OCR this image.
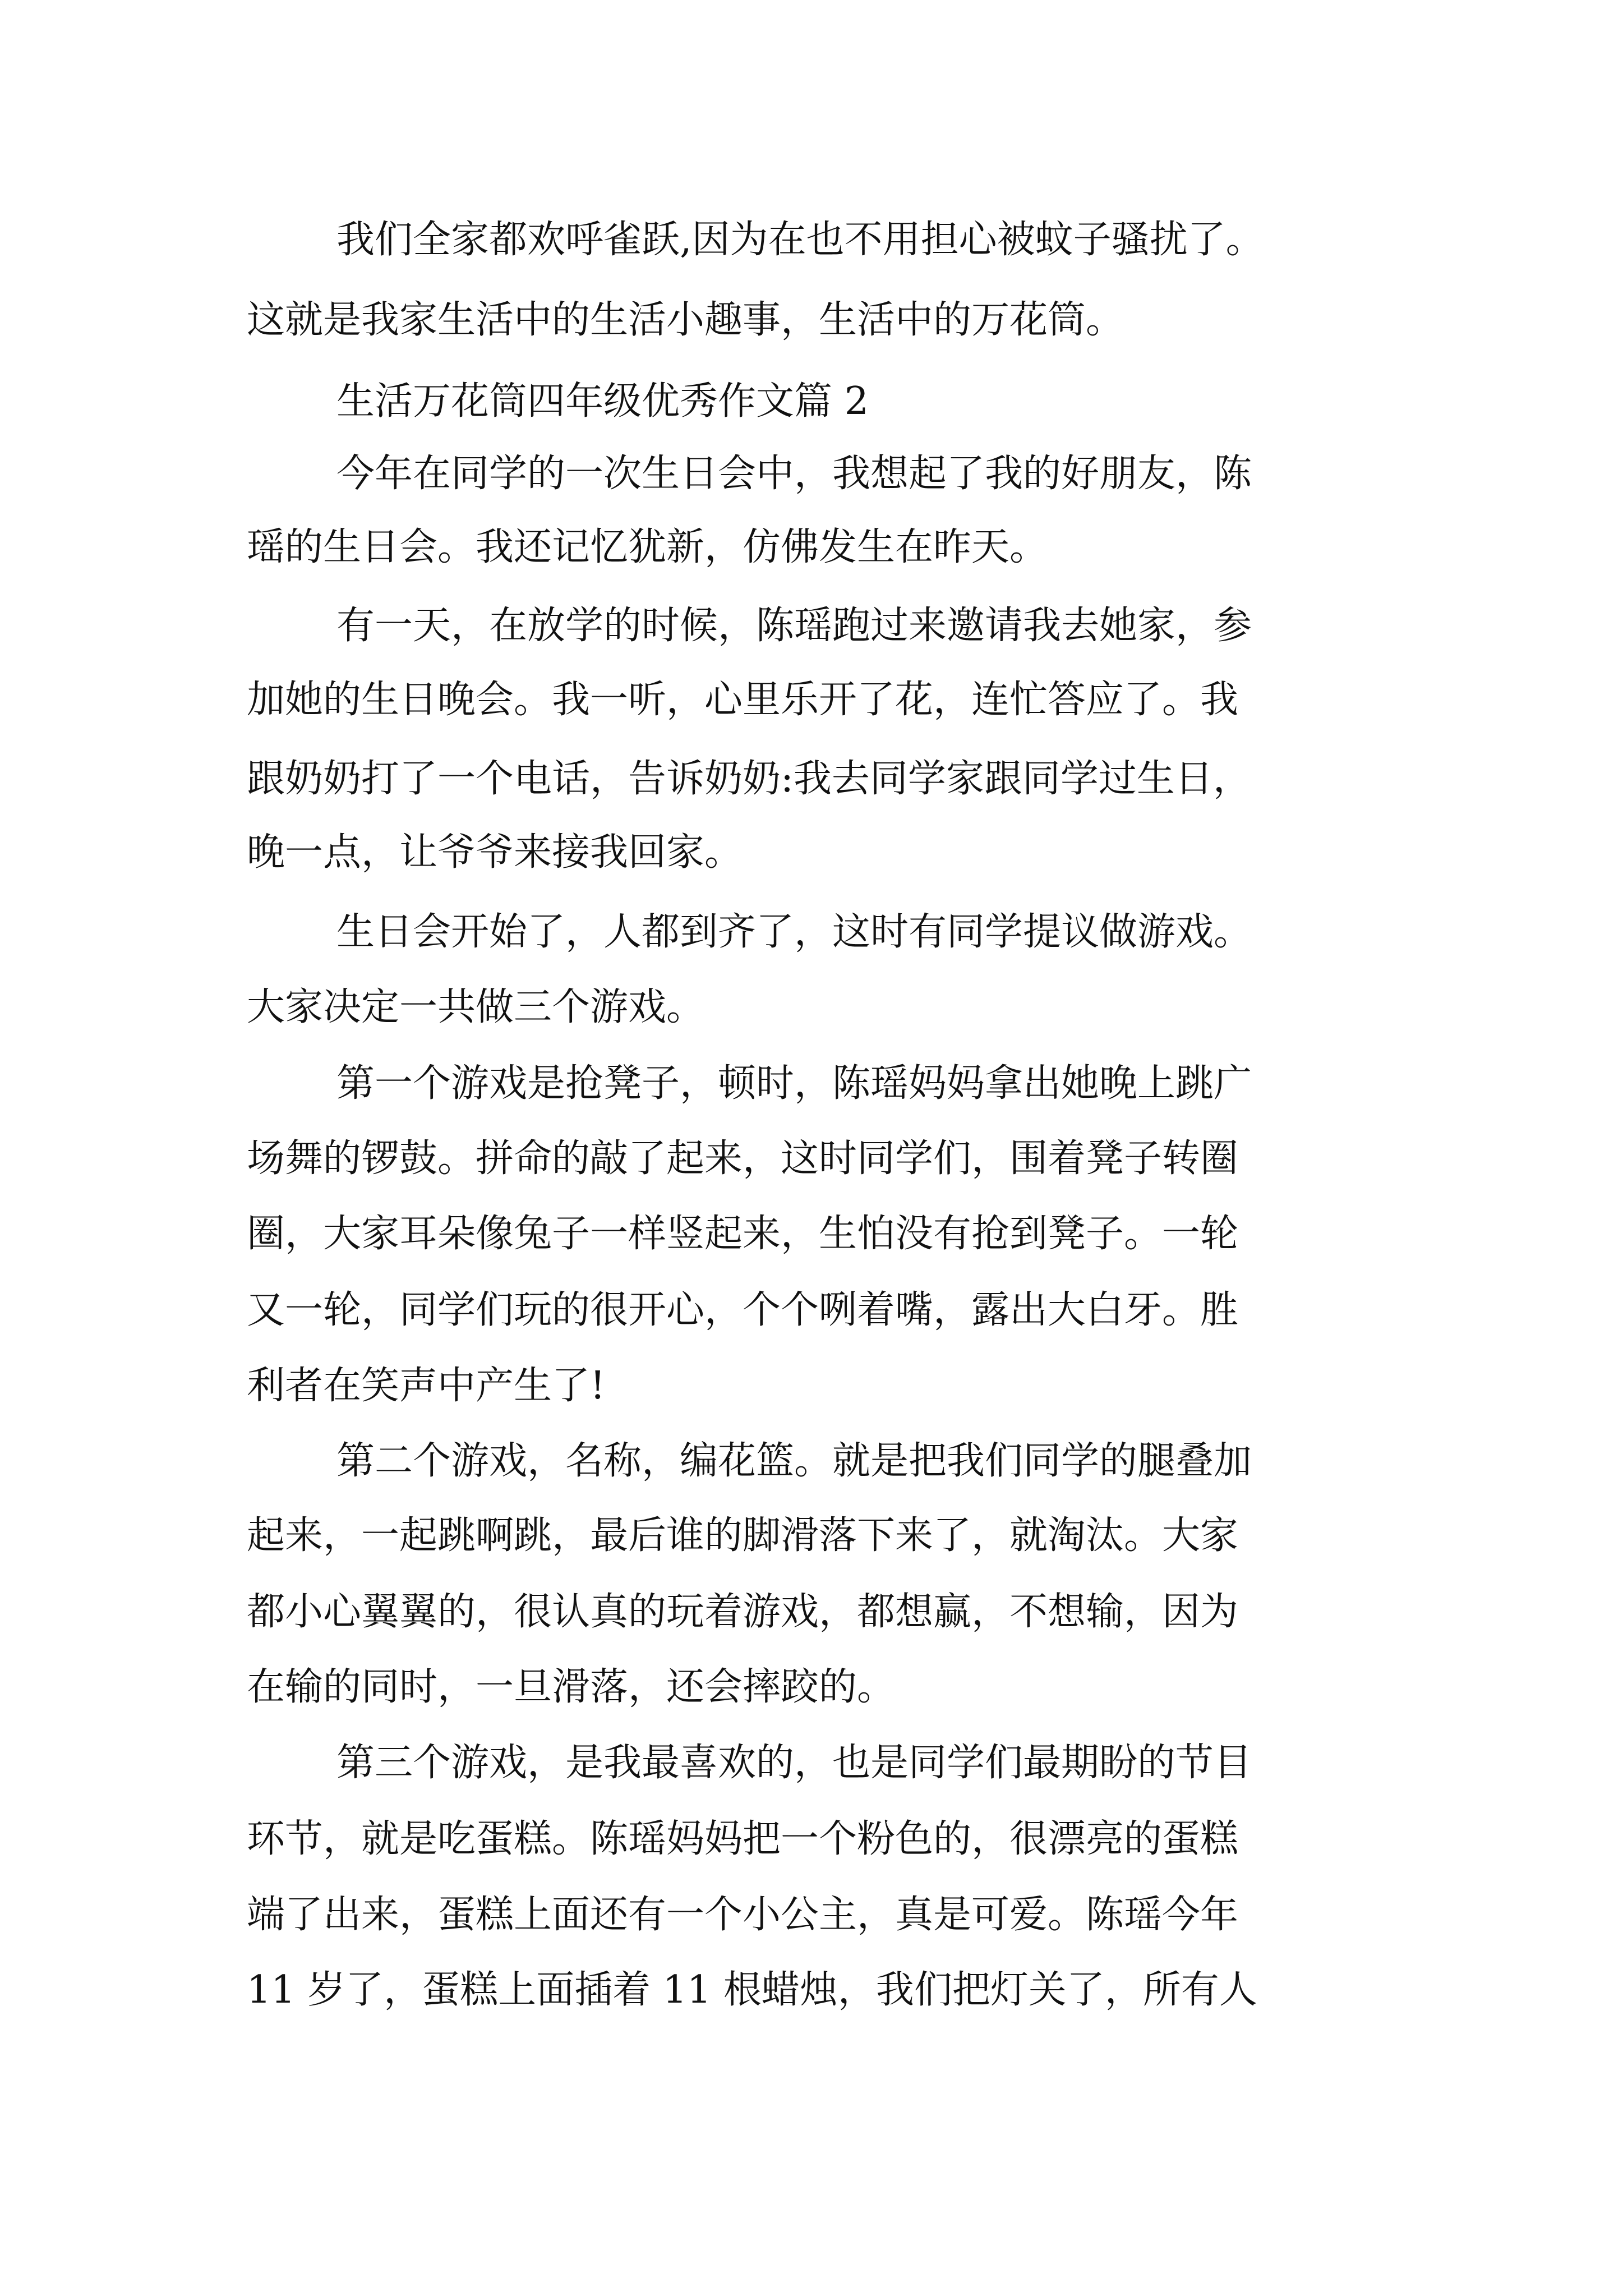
我们全家都欢呼雀跃,因为在也不用担心被蚊子骚扰了。

这就是我家生活中的生活小趣事，生活中的万花筒。

生活万花筒四年级优秀作文篇 2

今年在同学的一次生日会中，我想起了我的好朋友，陈

瑶的生日会。我还记忆犹新，仿佛发生在昨天。

有一天，在放学的时候，陈瑶跑过来邀请我去她家，参

加她的生日晚会。我一听，心里乐开了花，连忙答应了。我

跟奶奶打了一个电话，告诉奶奶:我去同学家跟同学过生日，

晚一点，让爷爷来接我回家。

生日会开始了，人都到齐了，这时有同学提议做游戏。

大家决定一共做三个游戏。

第一个游戏是抢凳子，顿时，陈瑶妈妈拿出她晚上跳广

场舞的锣鼓。拼命的敲了起来，这时同学们，围着凳子转圈

圈，大家耳朵像兔子一样竖起来，生怕没有抢到凳子。一轮

又一轮，同学们玩的很开心，个个咧着嘴，露出大白牙。胜

利者在笑声中产生了!

第二个游戏，名称，编花篮。就是把我们同学的腿叠加

起来，一起跳啊跳，最后谁的脚滑落下来了，就淘汰。大家

都小心翼翼的，很认真的玩着游戏，都想赢，不想输，因为

在输的同时，一旦滑落，还会摔跤的。

第三个游戏，是我最喜欢的，也是同学们最期盼的节目

环节，就是吃蛋糕。陈瑶妈妈把一个粉色的，很漂亮的蛋糕

端了出来，蛋糕上面还有一个小公主，真是可爱。陈瑶今年

11 岁了，蛋糕上面插着 11 根蜡烛，我们把灯关了，所有人
